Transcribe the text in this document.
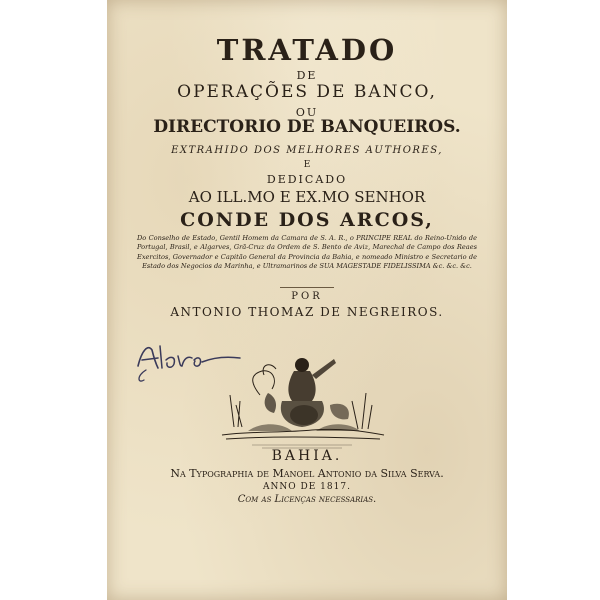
TRATADO
DE
OPERAÇÕES DE BANCO,
OU
DIRECTORIO DE BANQUEIROS.
EXTRAHIDO DOS MELHORES AUTHORES,
E
DEDICADO
AO ILL.MO E EX.MO SENHOR
CONDE DOS ARCOS,
Do Conselho de Estado, Gentil Homem da Camara de S. A. R., o PRINCIPE REAL do Reino-Unido de Portugal, Brasil, e Algarves, Grã-Cruz da Ordem de S. Bento de Aviz, Marechal de Campo dos Reaes Exercitos, Governador e Capitão General da Provincia da Bahia, e nomeado Ministro e Secretario de Estado dos Negocios da Marinha, e Ultramarinos de SUA MAGESTADE FIDELISSIMA &c. &c. &c.
POR
ANTONIO THOMAZ DE NEGREIROS.
BAHIA.
Na Typographia de Manoel Antonio da Silva Serva.
ANNO DE 1817.
Com as Licenças necessarias.
